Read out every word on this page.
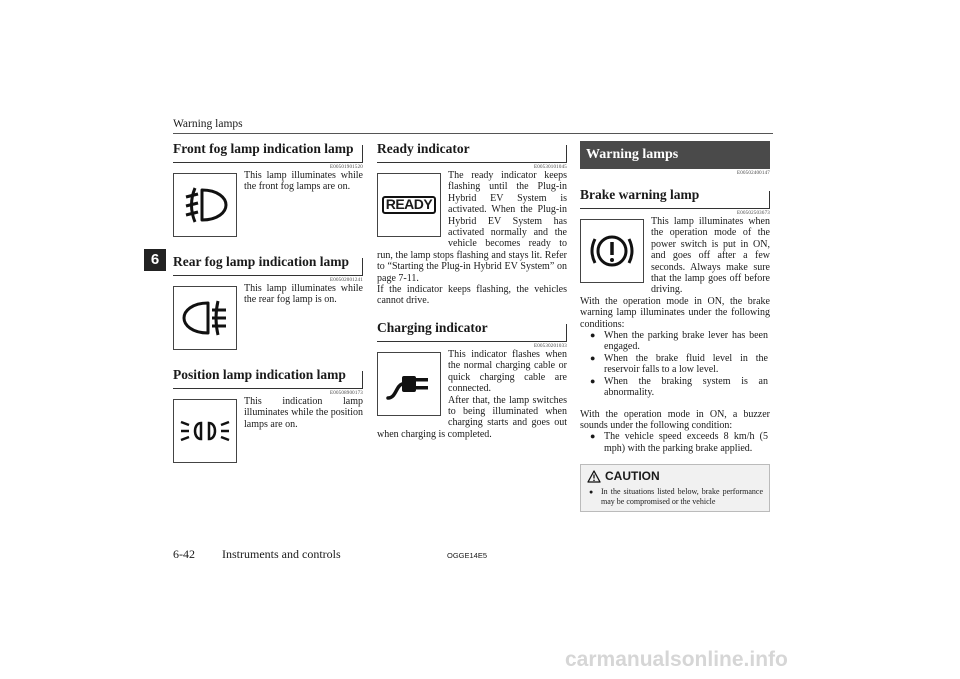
Warning lamps
6
Front fog lamp indication lamp
E00501901520
This lamp illuminates while the front fog lamps are on.
Rear fog lamp indication lamp
E00502001241
This lamp illuminates while the rear fog lamp is on.
Position lamp indication lamp
E00508900173
This indication lamp illuminates while the position lamps are on.
Ready indicator
E00530101045
READY
The ready indicator keeps flashing until the Plug-in Hybrid EV System is activated. When the Plug-in Hybrid EV System has activated normally and the vehicle becomes ready to run, the lamp stops flashing and stays lit. Refer to “Starting the Plug-in Hybrid EV System” on page 7-11.
If the indicator keeps flashing, the vehicles cannot drive.
Charging indicator
E00530201033
This indicator flashes when the normal charging cable or quick charging cable are connected.
After that, the lamp switches to being illuminated when charging starts and goes out when charging is completed.
Warning lamps
E00502400147
Brake warning lamp
E00502503673
This lamp illuminates when the operation mode of the power switch is put in ON, and goes off after a few seconds. Always make sure that the lamp goes off before driving.
With the operation mode in ON, the brake warning lamp illuminates under the following conditions:
● When the parking brake lever has been engaged.
● When the brake fluid level in the reservoir falls to a low level.
● When the braking system is an abnormality.
With the operation mode in ON, a buzzer sounds under the following condition:
● The vehicle speed exceeds 8 km/h (5 mph) with the parking brake applied.
CAUTION
● In the situations listed below, brake performance may be compromised or the vehicle
6-42 Instruments and controls	OGGE14E5
carmanualsonline.info
